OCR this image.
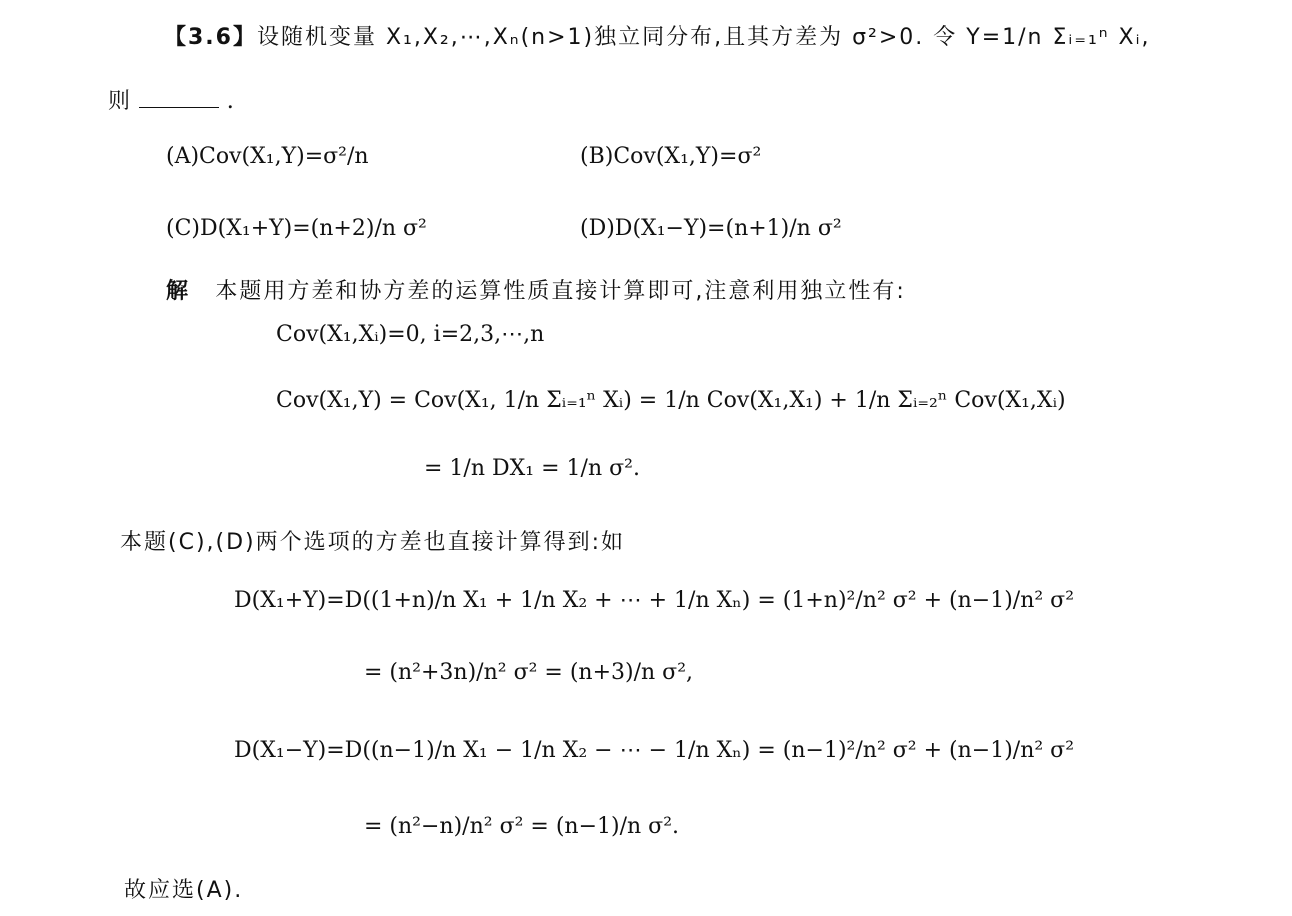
【3.6】设随机变量 X₁,X₂,⋯,Xₙ(n>1)独立同分布,且其方差为 σ²>0. 令 Y=1/n Σᵢ₌₁ⁿ Xᵢ,
则	.
(A)Cov(X₁,Y)=σ²/n	(B)Cov(X₁,Y)=σ²
(C)D(X₁+Y)=(n+2)/n σ²	(D)D(X₁−Y)=(n+1)/n σ²
解 本题用方差和协方差的运算性质直接计算即可,注意利用独立性有:
Cov(X₁,Xᵢ)=0, i=2,3,⋯,n
Cov(X₁,Y) = Cov(X₁, 1/n Σᵢ₌₁ⁿ Xᵢ) = 1/n Cov(X₁,X₁) + 1/n Σᵢ₌₂ⁿ Cov(X₁,Xᵢ)
= 1/n DX₁ = 1/n σ².
本题(C),(D)两个选项的方差也直接计算得到:如
D(X₁+Y)=D((1+n)/n X₁ + 1/n X₂ + ⋯ + 1/n Xₙ) = (1+n)²/n² σ² + (n−1)/n² σ²
= (n²+3n)/n² σ² = (n+3)/n σ²,
D(X₁−Y)=D((n−1)/n X₁ − 1/n X₂ − ⋯ − 1/n Xₙ) = (n−1)²/n² σ² + (n−1)/n² σ²
= (n²−n)/n² σ² = (n−1)/n σ².
故应选(A).
